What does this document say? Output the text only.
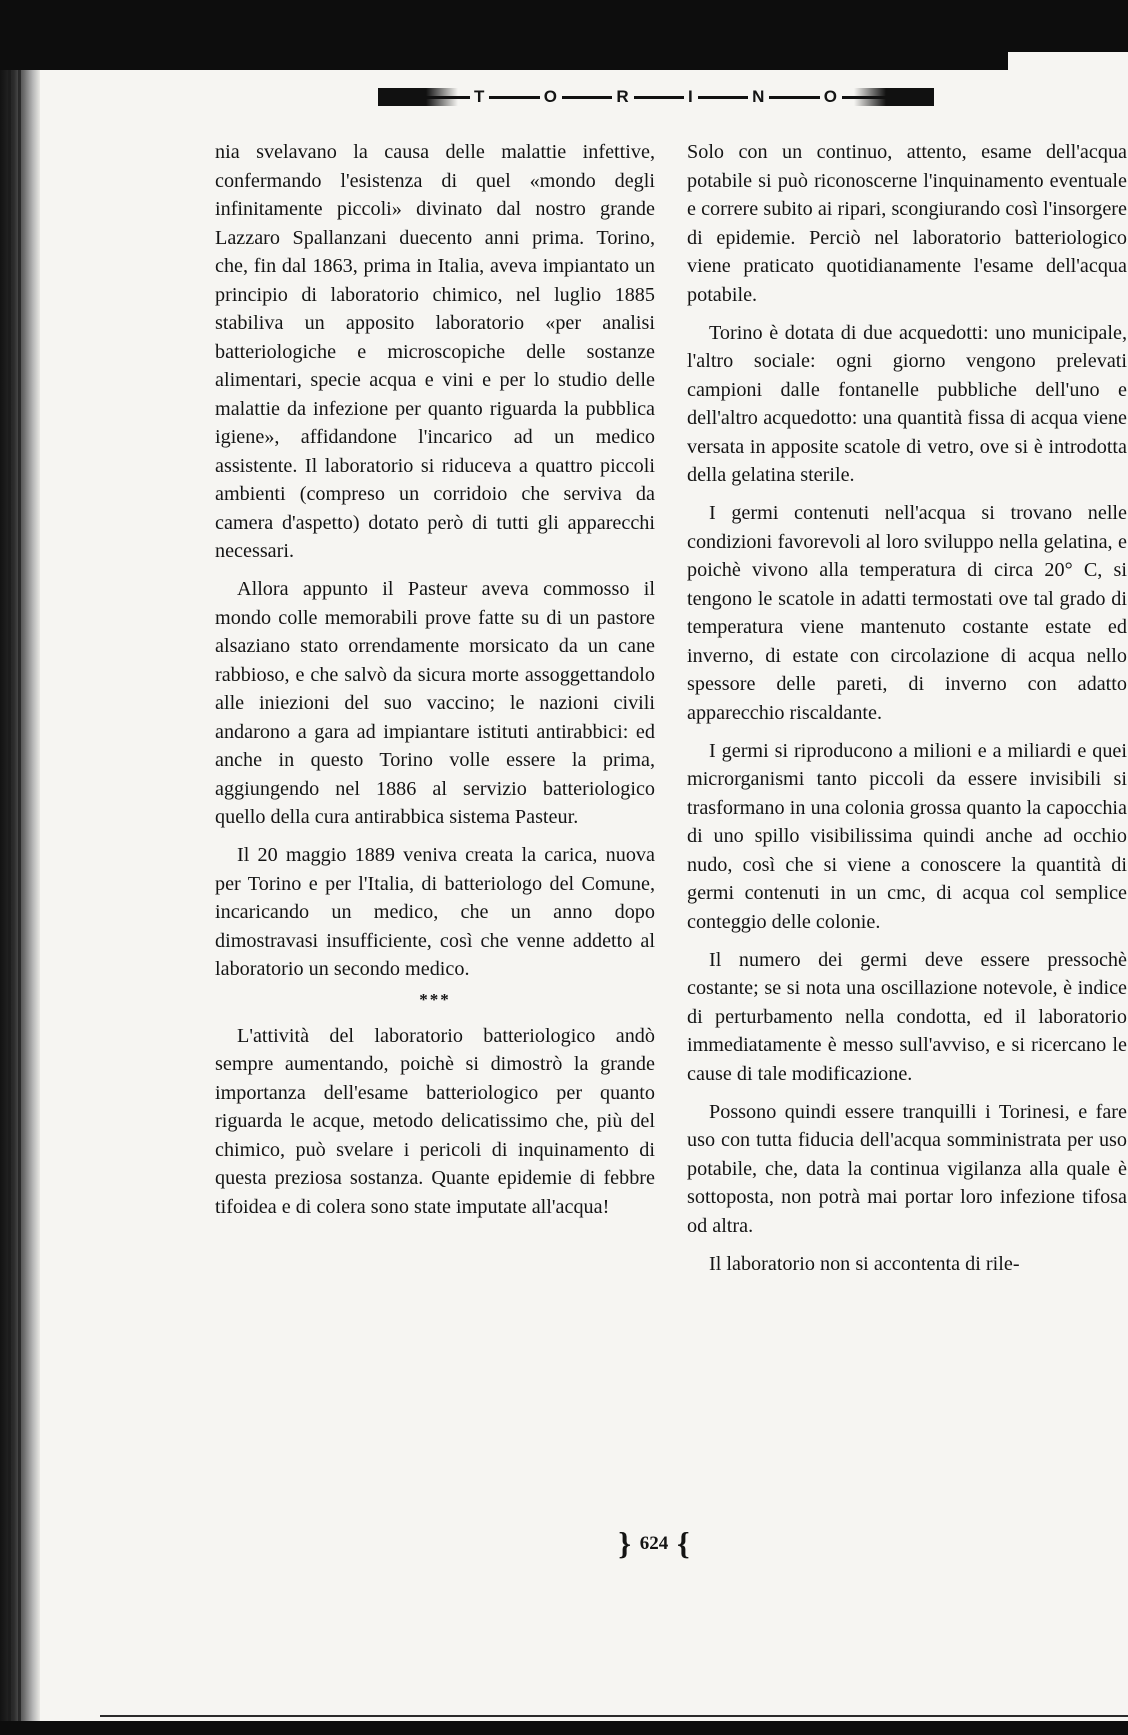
T	O	R	I	N	O

nia svelavano la causa delle malattie infettive, confermando l'esistenza di quel «mondo degli infinitamente piccoli» divinato dal nostro grande Lazzaro Spallanzani duecento anni prima. Torino, che, fin dal 1863, prima in Italia, aveva impiantato un principio di laboratorio chimico, nel luglio 1885 stabiliva un apposito laboratorio «per analisi batteriologiche e microscopiche delle sostanze alimentari, specie acqua e vini e per lo studio delle malattie da infezione per quanto riguarda la pubblica igiene», affidandone l'incarico ad un medico assistente. Il laboratorio si riduceva a quattro piccoli ambienti (compreso un corridoio che serviva da camera d'aspetto) dotato però di tutti gli apparecchi necessari.

Allora appunto il Pasteur aveva commosso il mondo colle memorabili prove fatte su di un pastore alsaziano stato orrendamente morsicato da un cane rabbioso, e che salvò da sicura morte assoggettandolo alle iniezioni del suo vaccino; le nazioni civili andarono a gara ad impiantare istituti antirabbici: ed anche in questo Torino volle essere la prima, aggiungendo nel 1886 al servizio batteriologico quello della cura antirabbica sistema Pasteur.

Il 20 maggio 1889 veniva creata la carica, nuova per Torino e per l'Italia, di batteriologo del Comune, incaricando un medico, che un anno dopo dimostravasi insufficiente, così che venne addetto al laboratorio un secondo medico.

***

L'attività del laboratorio batteriologico andò sempre aumentando, poichè si dimostrò la grande importanza dell'esame batteriologico per quanto riguarda le acque, metodo delicatissimo che, più del chimico, può svelare i pericoli di inquinamento di questa preziosa sostanza. Quante epidemie di febbre tifoidea e di colera sono state imputate all'acqua!

Solo con un continuo, attento, esame dell'acqua potabile si può riconoscerne l'inquinamento eventuale e correre subito ai ripari, scongiurando così l'insorgere di epidemie. Perciò nel laboratorio batteriologico viene praticato quotidianamente l'esame dell'acqua potabile.

Torino è dotata di due acquedotti: uno municipale, l'altro sociale: ogni giorno vengono prelevati campioni dalle fontanelle pubbliche dell'uno e dell'altro acquedotto: una quantità fissa di acqua viene versata in apposite scatole di vetro, ove si è introdotta della gelatina sterile.

I germi contenuti nell'acqua si trovano nelle condizioni favorevoli al loro sviluppo nella gelatina, e poichè vivono alla temperatura di circa 20° C, si tengono le scatole in adatti termostati ove tal grado di temperatura viene mantenuto costante estate ed inverno, di estate con circolazione di acqua nello spessore delle pareti, di inverno con adatto apparecchio riscaldante.

I germi si riproducono a milioni e a miliardi e quei microrganismi tanto piccoli da essere invisibili si trasformano in una colonia grossa quanto la capocchia di uno spillo visibilissima quindi anche ad occhio nudo, così che si viene a conoscere la quantità di germi contenuti in un cmc, di acqua col semplice conteggio delle colonie.

Il numero dei germi deve essere pressochè costante; se si nota una oscillazione notevole, è indice di perturbamento nella condotta, ed il laboratorio immediatamente è messo sull'avviso, e si ricercano le cause di tale modificazione.

Possono quindi essere tranquilli i Torinesi, e fare uso con tutta fiducia dell'acqua somministrata per uso potabile, che, data la continua vigilanza alla quale è sottoposta, non potrà mai portar loro infezione tifosa od altra.

Il laboratorio non si accontenta di rile-

} 624 {
